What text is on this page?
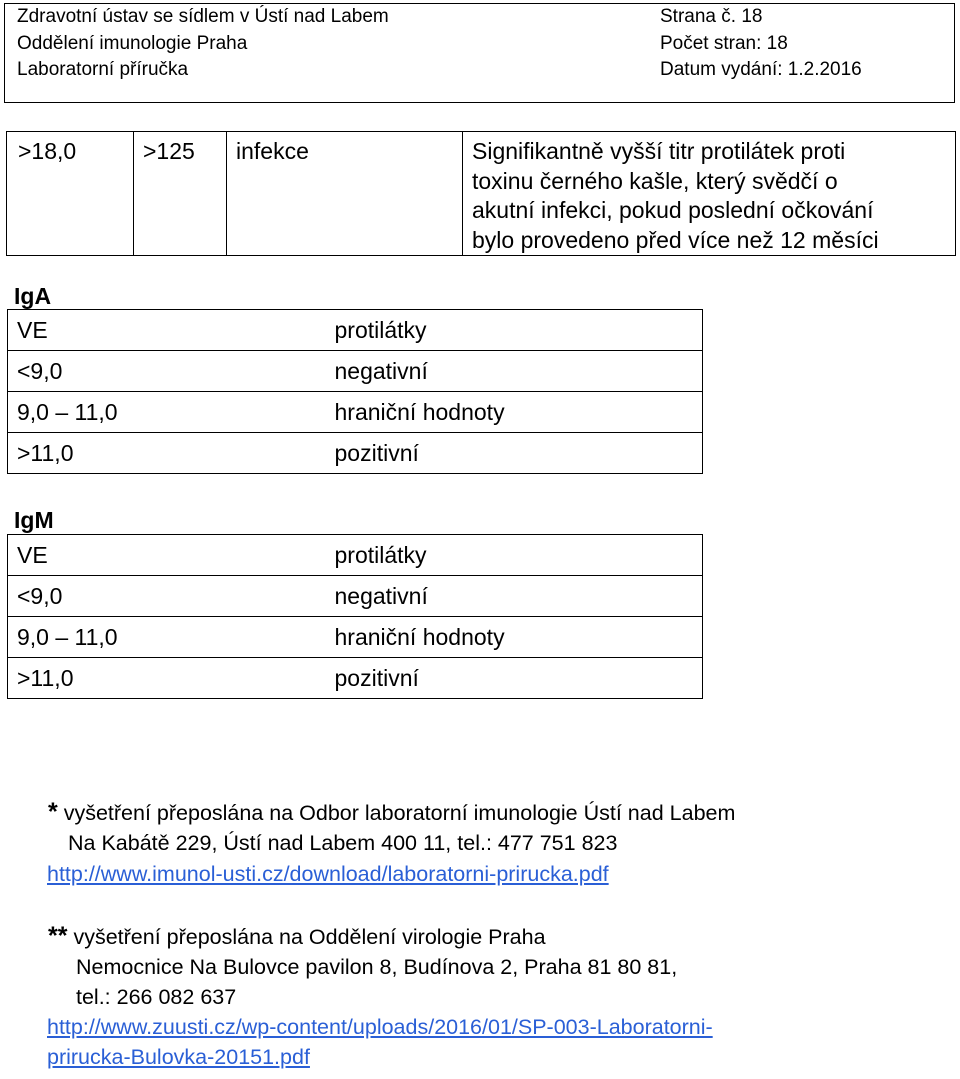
Zdravotní ústav se sídlem v Ústí nad Labem
Oddělení imunologie Praha
Laboratorní příručka
Strana č. 18
Počet stran: 18
Datum vydání: 1.2.2016
>18,0	>125	infekce	Signifikantně vyšší titr protilátek proti
toxinu černého kašle, který svědčí o
akutní infekci, pokud poslední očkování
bylo provedeno před více než 12 měsíci
IgA
VE	protilátky
<9,0	negativní
9,0 – 11,0	hraniční hodnoty
>11,0	pozitivní
IgM
VE	protilátky
<9,0	negativní
9,0 – 11,0	hraniční hodnoty
>11,0	pozitivní
* vyšetření přeposlána na Odbor laboratorní imunologie Ústí nad Labem
Na Kabátě 229, Ústí nad Labem 400 11, tel.: 477 751 823
http://www.imunol-usti.cz/download/laboratorni-prirucka.pdf
** vyšetření přeposlána na Oddělení virologie Praha
Nemocnice Na Bulovce pavilon 8, Budínova 2, Praha 81 80 81,
tel.: 266 082 637
http://www.zuusti.cz/wp-content/uploads/2016/01/SP-003-Laboratorni-
prirucka-Bulovka-20151.pdf
